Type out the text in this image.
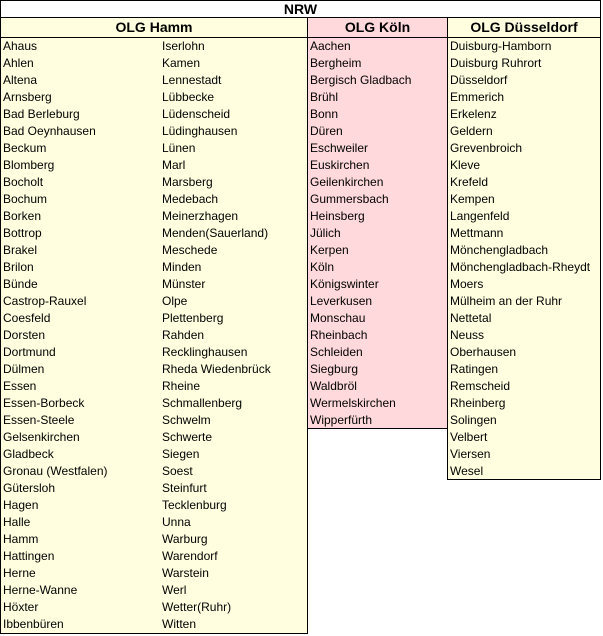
NRW
OLG Hamm
Ahaus
Ahlen
Altena
Arnsberg
Bad Berleburg
Bad Oeynhausen
Beckum
Blomberg
Bocholt
Bochum
Borken
Bottrop
Brakel
Brilon
Bünde
Castrop-Rauxel
Coesfeld
Dorsten
Dortmund
Dülmen
Essen
Essen-Borbeck
Essen-Steele
Gelsenkirchen
Gladbeck
Gronau (Westfalen)
Gütersloh
Hagen
Halle
Hamm
Hattingen
Herne
Herne-Wanne
Höxter
Ibbenbüren
Iserlohn
Kamen
Lennestadt
Lübbecke
Lüdenscheid
Lüdinghausen
Lünen
Marl
Marsberg
Medebach
Meinerzhagen
Menden(Sauerland)
Meschede
Minden
Münster
Olpe
Plettenberg
Rahden
Recklinghausen
Rheda Wiedenbrück
Rheine
Schmallenberg
Schwelm
Schwerte
Siegen
Soest
Steinfurt
Tecklenburg
Unna
Warburg
Warendorf
Warstein
Werl
Wetter(Ruhr)
Witten
OLG Köln
Aachen
Bergheim
Bergisch Gladbach
Brühl
Bonn
Düren
Eschweiler
Euskirchen
Geilenkirchen
Gummersbach
Heinsberg
Jülich
Kerpen
Köln
Königswinter
Leverkusen
Monschau
Rheinbach
Schleiden
Siegburg
Waldbröl
Wermelskirchen
Wipperfürth
OLG Düsseldorf
Duisburg-Hamborn
Duisburg Ruhrort
Düsseldorf
Emmerich
Erkelenz
Geldern
Grevenbroich
Kleve
Krefeld
Kempen
Langenfeld
Mettmann
Mönchengladbach
Mönchengladbach-Rheydt
Moers
Mülheim an der Ruhr
Nettetal
Neuss
Oberhausen
Ratingen
Remscheid
Rheinberg
Solingen
Velbert
Viersen
Wesel
